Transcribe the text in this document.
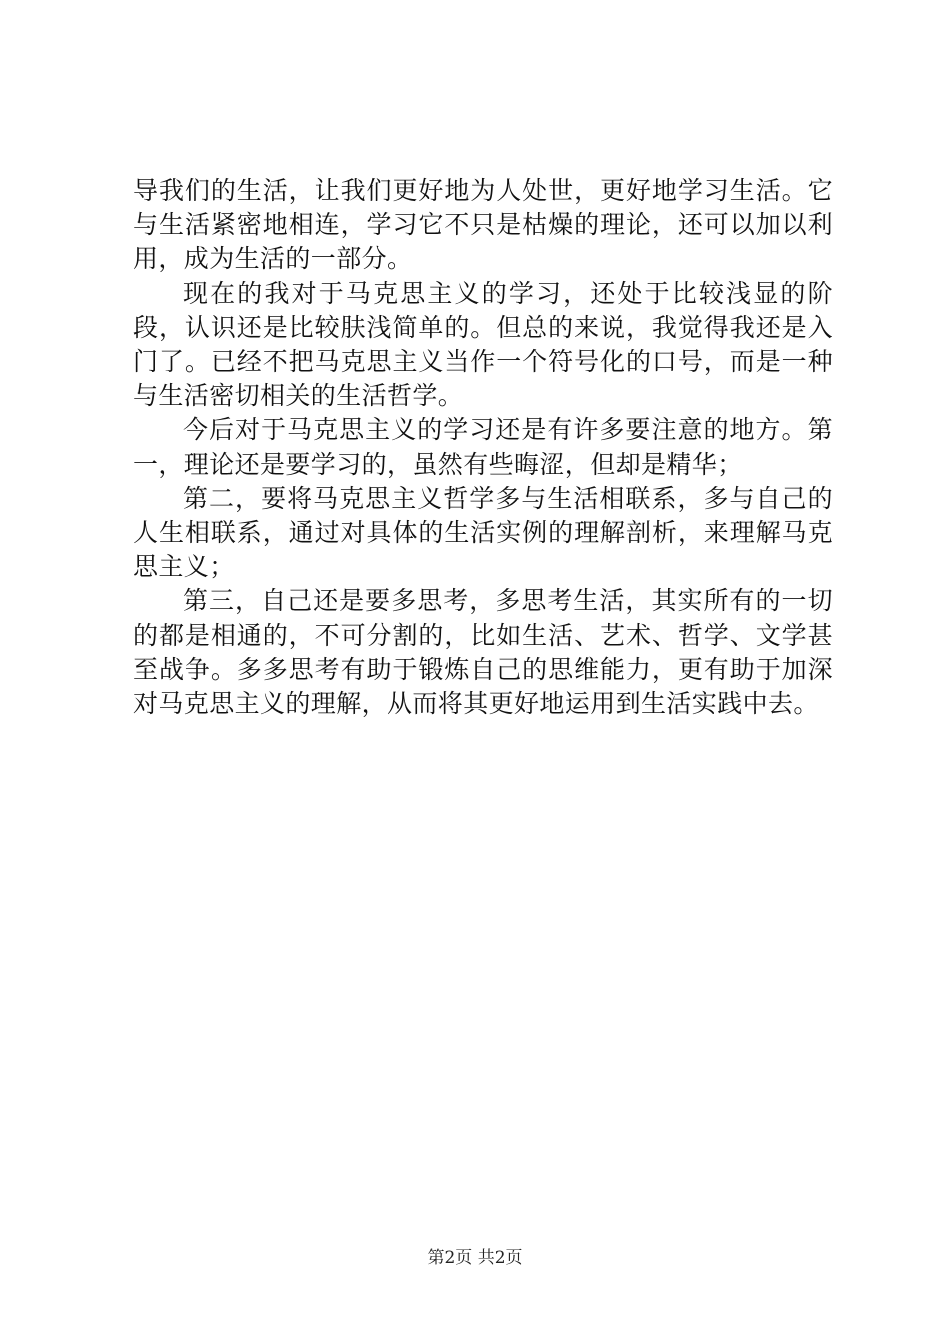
导我们的生活，让我们更好地为人处世，更好地学习生活。它与生活紧密地相连，学习它不只是枯燥的理论，还可以加以利用，成为生活的一部分。

现在的我对于马克思主义的学习，还处于比较浅显的阶段，认识还是比较肤浅简单的。但总的来说，我觉得我还是入门了。已经不把马克思主义当作一个符号化的口号，而是一种与生活密切相关的生活哲学。

今后对于马克思主义的学习还是有许多要注意的地方。第一，理论还是要学习的，虽然有些晦涩，但却是精华；

第二，要将马克思主义哲学多与生活相联系，多与自己的人生相联系，通过对具体的生活实例的理解剖析，来理解马克思主义；

第三，自己还是要多思考，多思考生活，其实所有的一切的都是相通的，不可分割的，比如生活、艺术、哲学、文学甚至战争。多多思考有助于锻炼自己的思维能力，更有助于加深对马克思主义的理解，从而将其更好地运用到生活实践中去。

第2页 共2页
